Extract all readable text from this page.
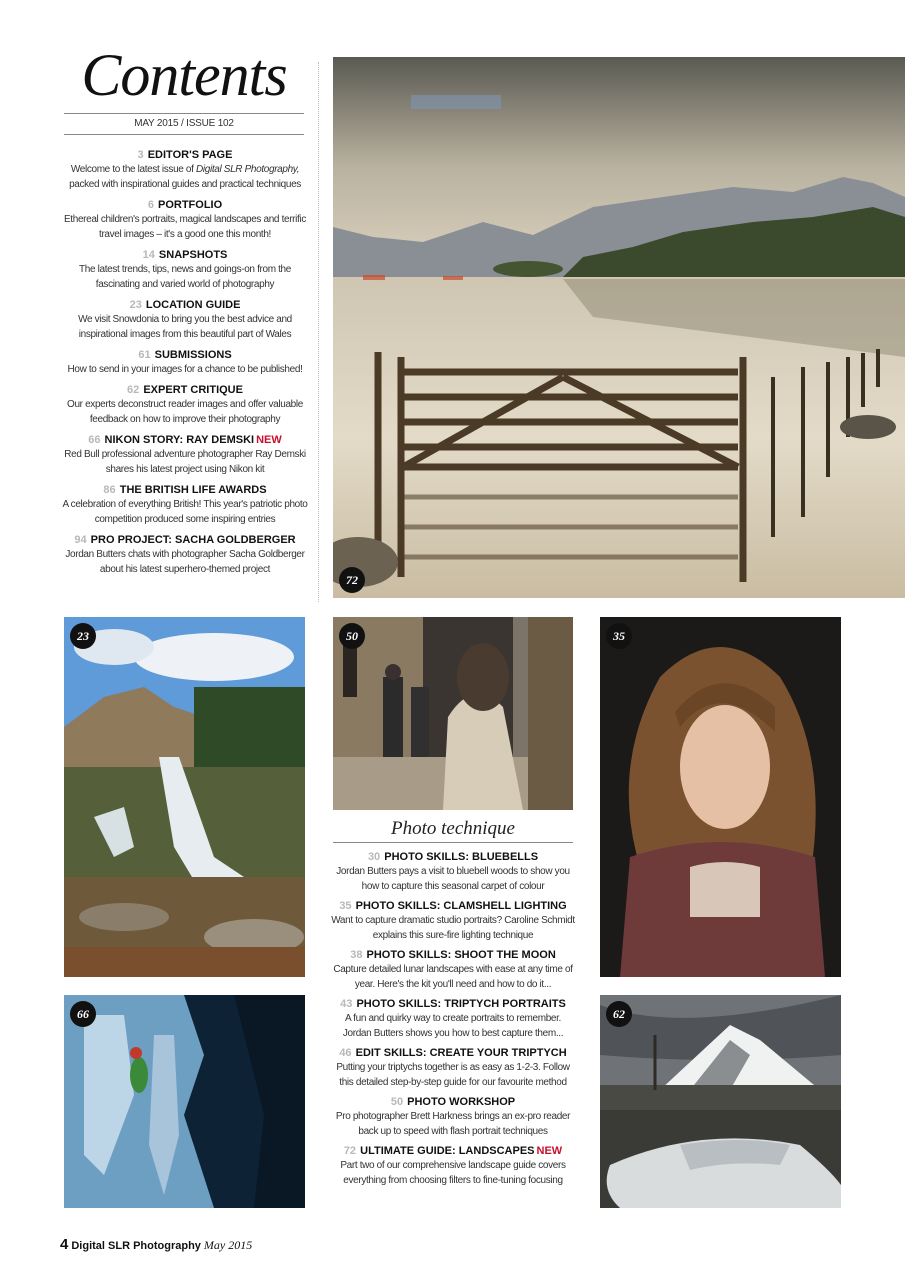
Contents
MAY 2015 / ISSUE 102
3 EDITOR'S PAGE
Welcome to the latest issue of Digital SLR Photography, packed with inspirational guides and practical techniques
6 PORTFOLIO
Ethereal children's portraits, magical landscapes and terrific travel images – it's a good one this month!
14 SNAPSHOTS
The latest trends, tips, news and goings-on from the fascinating and varied world of photography
23 LOCATION GUIDE
We visit Snowdonia to bring you the best advice and inspirational images from this beautiful part of Wales
61 SUBMISSIONS
How to send in your images for a chance to be published!
62 EXPERT CRITIQUE
Our experts deconstruct reader images and offer valuable feedback on how to improve their photography
66 NIKON STORY: RAY DEMSKI NEW
Red Bull professional adventure photographer Ray Demski shares his latest project using Nikon kit
86 THE BRITISH LIFE AWARDS
A celebration of everything British! This year's patriotic photo competition produced some inspiring entries
94 PRO PROJECT: SACHA GOLDBERGER
Jordan Butters chats with photographer Sacha Goldberger about his latest superhero-themed project
72
23	50
Photo technique
30 PHOTO SKILLS: BLUEBELLS
Jordan Butters pays a visit to bluebell woods to show you how to capture this seasonal carpet of colour
35 PHOTO SKILLS: CLAMSHELL LIGHTING
Want to capture dramatic studio portraits? Caroline Schmidt explains this sure-fire lighting technique
38 PHOTO SKILLS: SHOOT THE MOON
Capture detailed lunar landscapes with ease at any time of year. Here's the kit you'll need and how to do it...
43 PHOTO SKILLS: TRIPTYCH PORTRAITS
A fun and quirky way to create portraits to remember. Jordan Butters shows you how to best capture them...
46 EDIT SKILLS: CREATE YOUR TRIPTYCH
Putting your triptychs together is as easy as 1-2-3. Follow this detailed step-by-step guide for our favourite method
50 PHOTO WORKSHOP
Pro photographer Brett Harkness brings an ex-pro reader back up to speed with flash portrait techniques
72 ULTIMATE GUIDE: LANDSCAPES NEW
Part two of our comprehensive landscape guide covers everything from choosing filters to fine-tuning focusing
35
66	62
4 Digital SLR Photography May 2015
